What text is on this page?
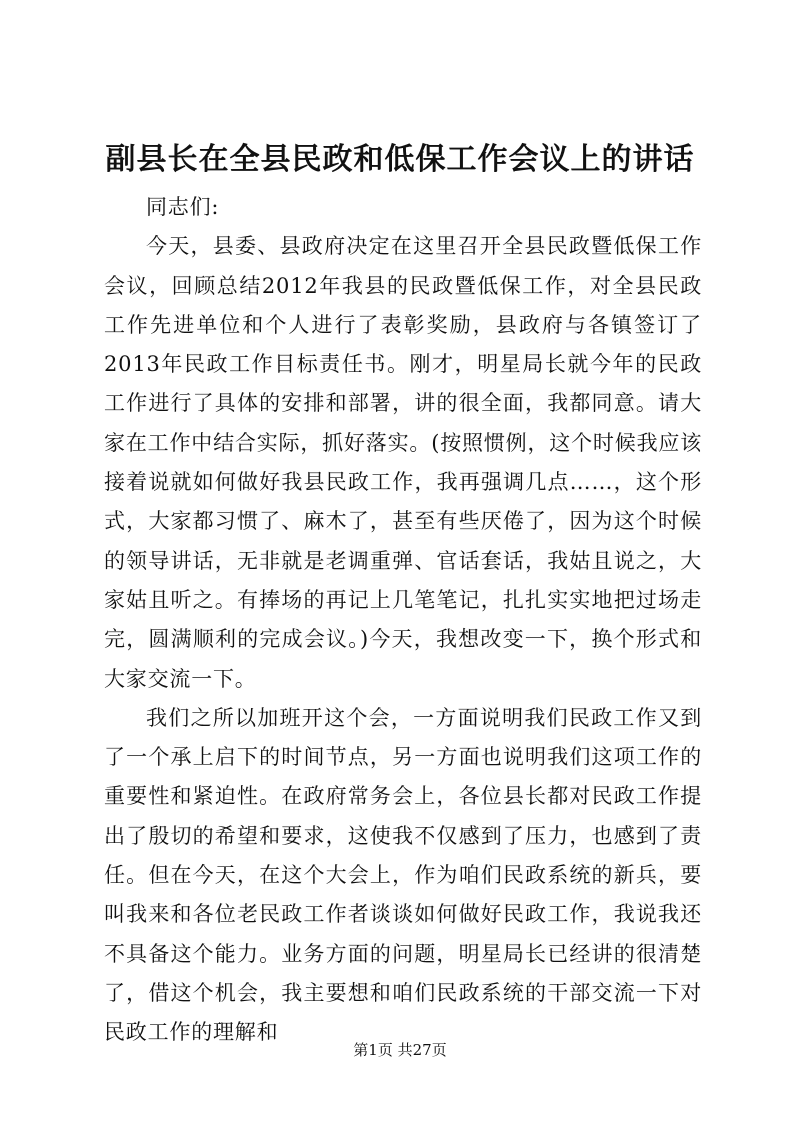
副县长在全县民政和低保工作会议上的讲话

同志们:

今天，县委、县政府决定在这里召开全县民政暨低保工作会议，回顾总结2012年我县的民政暨低保工作，对全县民政工作先进单位和个人进行了表彰奖励，县政府与各镇签订了2013年民政工作目标责任书。刚才，明星局长就今年的民政工作进行了具体的安排和部署，讲的很全面，我都同意。请大家在工作中结合实际，抓好落实。(按照惯例，这个时候我应该接着说就如何做好我县民政工作，我再强调几点……，这个形式，大家都习惯了、麻木了，甚至有些厌倦了，因为这个时候的领导讲话，无非就是老调重弹、官话套话，我姑且说之，大家姑且听之。有捧场的再记上几笔笔记，扎扎实实地把过场走完，圆满顺利的完成会议。)今天，我想改变一下，换个形式和大家交流一下。

我们之所以加班开这个会，一方面说明我们民政工作又到了一个承上启下的时间节点，另一方面也说明我们这项工作的重要性和紧迫性。在政府常务会上，各位县长都对民政工作提出了殷切的希望和要求，这使我不仅感到了压力，也感到了责任。但在今天，在这个大会上，作为咱们民政系统的新兵，要叫我来和各位老民政工作者谈谈如何做好民政工作，我说我还不具备这个能力。业务方面的问题，明星局长已经讲的很清楚了，借这个机会，我主要想和咱们民政系统的干部交流一下对民政工作的理解和

第1页 共27页
